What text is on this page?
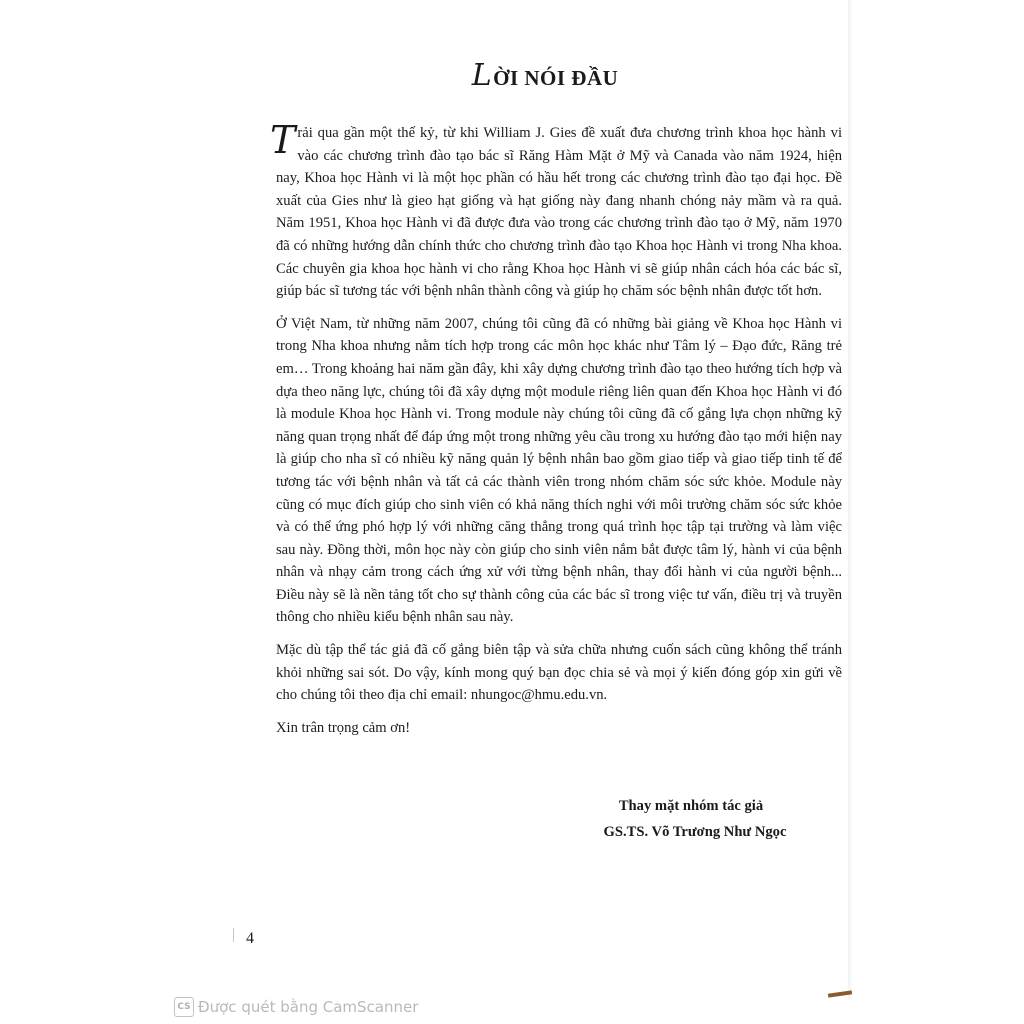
LỜI NÓI ĐẦU

Trải qua gần một thế kỷ, từ khi William J. Gies đề xuất đưa chương trình khoa học hành vi vào các chương trình đào tạo bác sĩ Răng Hàm Mặt ở Mỹ và Canada vào năm 1924, hiện nay, Khoa học Hành vi là một học phần có hầu hết trong các chương trình đào tạo đại học. Đề xuất của Gies như là gieo hạt giống và hạt giống này đang nhanh chóng nảy mầm và ra quả. Năm 1951, Khoa học Hành vi đã được đưa vào trong các chương trình đào tạo ở Mỹ, năm 1970 đã có những hướng dẫn chính thức cho chương trình đào tạo Khoa học Hành vi trong Nha khoa. Các chuyên gia khoa học hành vi cho rằng Khoa học Hành vi sẽ giúp nhân cách hóa các bác sĩ, giúp bác sĩ tương tác với bệnh nhân thành công và giúp họ chăm sóc bệnh nhân được tốt hơn.

Ở Việt Nam, từ những năm 2007, chúng tôi cũng đã có những bài giảng về Khoa học Hành vi trong Nha khoa nhưng nằm tích hợp trong các môn học khác như Tâm lý – Đạo đức, Răng trẻ em… Trong khoảng hai năm gần đây, khi xây dựng chương trình đào tạo theo hướng tích hợp và dựa theo năng lực, chúng tôi đã xây dựng một module riêng liên quan đến Khoa học Hành vi đó là module Khoa học Hành vi. Trong module này chúng tôi cũng đã cố gắng lựa chọn những kỹ năng quan trọng nhất để đáp ứng một trong những yêu cầu trong xu hướng đào tạo mới hiện nay là giúp cho nha sĩ có nhiều kỹ năng quản lý bệnh nhân bao gồm giao tiếp và giao tiếp tinh tế để tương tác với bệnh nhân và tất cả các thành viên trong nhóm chăm sóc sức khỏe. Module này cũng có mục đích giúp cho sinh viên có khả năng thích nghi với môi trường chăm sóc sức khỏe và có thể ứng phó hợp lý với những căng thẳng trong quá trình học tập tại trường và làm việc sau này. Đồng thời, môn học này còn giúp cho sinh viên nắm bắt được tâm lý, hành vi của bệnh nhân và nhạy cảm trong cách ứng xử với từng bệnh nhân, thay đổi hành vi của người bệnh... Điều này sẽ là nền tảng tốt cho sự thành công của các bác sĩ trong việc tư vấn, điều trị và truyền thông cho nhiều kiểu bệnh nhân sau này.

Mặc dù tập thể tác giả đã cố gắng biên tập và sửa chữa nhưng cuốn sách cũng không thể tránh khỏi những sai sót. Do vậy, kính mong quý bạn đọc chia sẻ và mọi ý kiến đóng góp xin gửi về cho chúng tôi theo địa chỉ email: nhungoc@hmu.edu.vn.

Xin trân trọng cảm ơn!

Thay mặt nhóm tác giả
GS.TS. Võ Trương Như Ngọc
4
CS Được quét bằng CamScanner
